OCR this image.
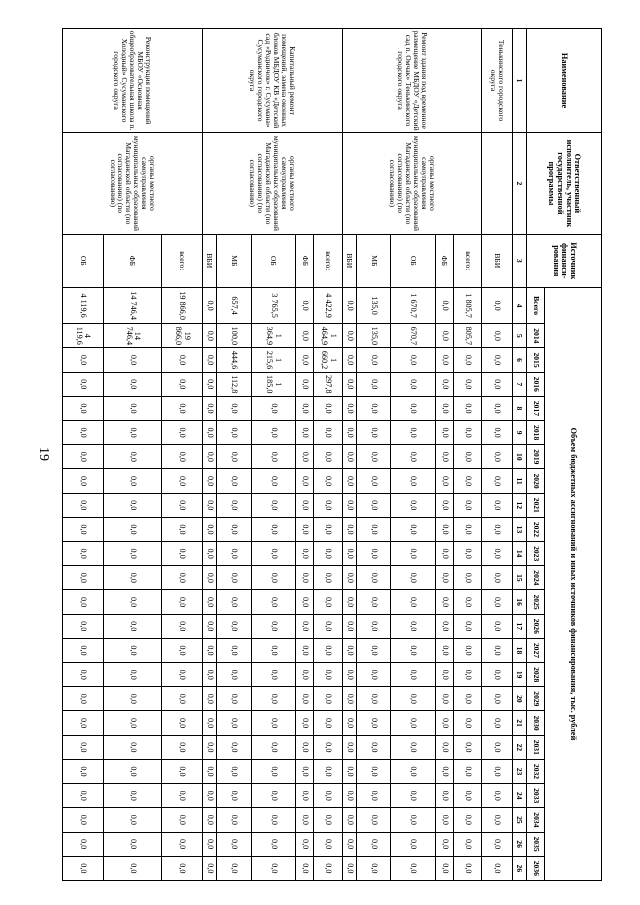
19
Наименование	Ответственный исполнитель, участник государственной программы	Источник финанси-рования	Объем бюджетных ассигнований и иных источников финансирования, тыс. рублей																							
			Всего	2014	2015	2016	2017	2018	2019	2020	2021	2022	2023	2024	2025	2026	2027	2028	2029	2030	2031	2032	2033	2034	2035	2036
1	2	3	4	5	6	7	8	9	10	11	12	13	14	15	16	17	18	19	20	21	22	23	24	25	26	26
Тенькинского городского округа		ВБИ	0,0	0,0	0,0	0,0	0,0	0,0	0,0	0,0	0,0	0,0	0,0	0,0	0,0	0,0	0,0	0,0	0,0	0,0	0,0	0,0	0,0	0,0	0,0	0,0
Ремонт здания под временное размещение МБДОУ «Детский сад п. Омчак» Тенькинского городского округа	органы местного самоуправления муниципальных образований Магаданской области (по согласованию) (по согласованию)	всего:	1 805,7	805,7	0,0	0,0	0,0	0,0	0,0	0,0	0,0	0,0	0,0	0,0	0,0	0,0	0,0	0,0	0,0	0,0	0,0	0,0	0,0	0,0	0,0	0,0
		ФБ	0,0	0,0	0,0	0,0	0,0	0,0	0,0	0,0	0,0	0,0	0,0	0,0	0,0	0,0	0,0	0,0	0,0	0,0	0,0	0,0	0,0	0,0	0,0	0,0
		ОБ	1 670,7	670,7	0,0	0,0	0,0	0,0	0,0	0,0	0,0	0,0	0,0	0,0	0,0	0,0	0,0	0,0	0,0	0,0	0,0	0,0	0,0	0,0	0,0	0,0
		МБ	135,0	135,0	0,0	0,0	0,0	0,0	0,0	0,0	0,0	0,0	0,0	0,0	0,0	0,0	0,0	0,0	0,0	0,0	0,0	0,0	0,0	0,0	0,0	0,0
		ВБИ	0,0	0,0	0,0	0,0	0,0	0,0	0,0	0,0	0,0	0,0	0,0	0,0	0,0	0,0	0,0	0,0	0,0	0,0	0,0	0,0	0,0	0,0	0,0	0,0
Капитальный ремонт помещений, замена оконных блоков МБДОУ КВ «Детский сад «Родничок» г. Сусумана» Сусуманского городского округа	органы местного самоуправления муниципальных образований Магаданской области (по согласованию) (по согласованию)	всего:	4 422,9	1 464,9	1 660,2	297,8	0,0	0,0	0,0	0,0	0,0	0,0	0,0	0,0	0,0	0,0	0,0	0,0	0,0	0,0	0,0	0,0	0,0	0,0	0,0	0,0
		ФБ	0,0	0,0	0,0	0,0	0,0	0,0	0,0	0,0	0,0	0,0	0,0	0,0	0,0	0,0	0,0	0,0	0,0	0,0	0,0	0,0	0,0	0,0	0,0	0,0
		ОБ	3 765,5	1 364,9	1 215,6	1 185,0	0,0	0,0	0,0	0,0	0,0	0,0	0,0	0,0	0,0	0,0	0,0	0,0	0,0	0,0	0,0	0,0	0,0	0,0	0,0	0,0
		МБ	657,4	100,0	444,6	112,8	0,0	0,0	0,0	0,0	0,0	0,0	0,0	0,0	0,0	0,0	0,0	0,0	0,0	0,0	0,0	0,0	0,0	0,0	0,0	0,0
		ВБИ	0,0	0,0	0,0	0,0	0,0	0,0	0,0	0,0	0,0	0,0	0,0	0,0	0,0	0,0	0,0	0,0	0,0	0,0	0,0	0,0	0,0	0,0	0,0	0,0
Реконструкция помещений МБОУ «Основная общеобразовательная школа п. Холодный» Сусуманского городского округа	органы местного самоуправления муниципальных образований Магаданской области (по согласованию) (по согласованию)	всего:	19 866,0	19 866,0	0,0	0,0	0,0	0,0	0,0	0,0	0,0	0,0	0,0	0,0	0,0	0,0	0,0	0,0	0,0	0,0	0,0	0,0	0,0	0,0	0,0	0,0
		ФБ	14 746,4	14 746,4	0,0	0,0	0,0	0,0	0,0	0,0	0,0	0,0	0,0	0,0	0,0	0,0	0,0	0,0	0,0	0,0	0,0	0,0	0,0	0,0	0,0	0,0
		ОБ	4 119,6	4 119,6	0,0	0,0	0,0	0,0	0,0	0,0	0,0	0,0	0,0	0,0	0,0	0,0	0,0	0,0	0,0	0,0	0,0	0,0	0,0	0,0	0,0	0,0
